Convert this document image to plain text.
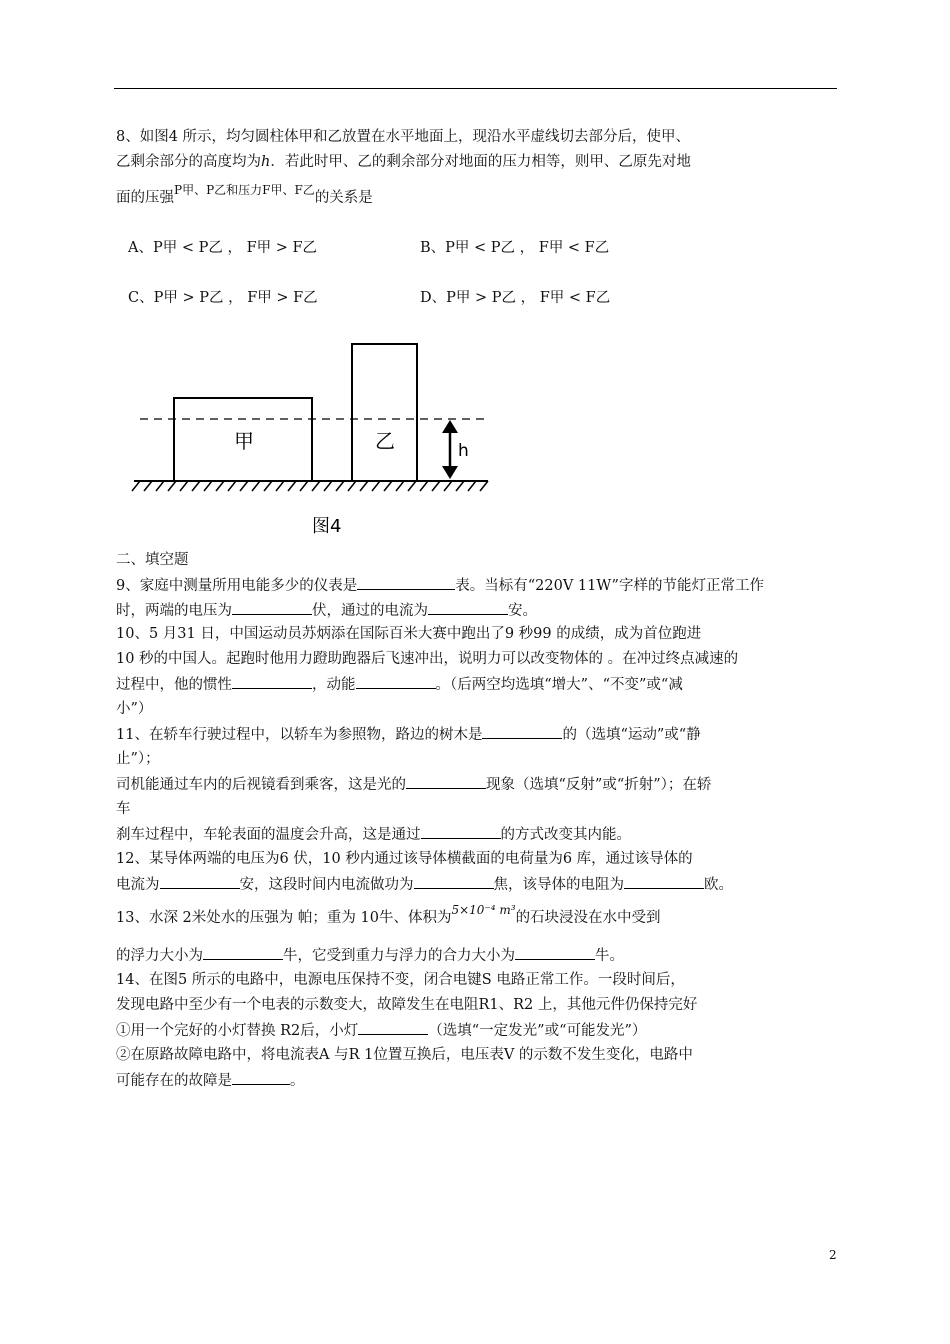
8、如图4 所示，均匀圆柱体甲和乙放置在水平地面上，现沿水平虚线切去部分后，使甲、
乙剩余部分的高度均为h．若此时甲、乙的剩余部分对地面的压力相等，则甲、乙原先对地
面的压强$^{P甲、P乙和压力F甲、F乙}$的关系是
A、P甲 < P乙 ， F甲 > F乙	B、P甲 < P乙 ， F甲 < F乙
C、P甲 > P乙 ， F甲 > F乙	D、P甲 > P乙 ， F甲 < F乙
甲	乙	h
图4
二、填空题
9、家庭中测量所用电能多少的仪表是	表。当标有“220V 11W”字样的节能灯正常工作
时，两端的电压为	伏，通过的电流为	安。
10、5 月31 日，中国运动员苏炳添在国际百米大赛中跑出了9 秒99 的成绩，成为首位跑进
10 秒的中国人。起跑时他用力蹬助跑器后飞速冲出，说明力可以改变物体的 。在冲过终点减速的
过程中，他的惯性	，动能	。（后两空均选填“增大”、“不变”或“减
小”）
11、在轿车行驶过程中，以轿车为参照物，路边的树木是	的（选填“运动”或“静
止”）；
司机能通过车内的后视镜看到乘客，这是光的	现象（选填“反射”或“折射”）；在轿
车
刹车过程中，车轮表面的温度会升高，这是通过	的方式改变其内能。
12、某导体两端的电压为6 伏，10 秒内通过该导体横截面的电荷量为6 库，通过该导体的
电流为	安，这段时间内电流做功为	焦，该导体的电阻为	欧。
13、水深 2米处水的压强为 帕；重为 10牛、体积为$^{5\times 10^{-4} m^3}$的石块浸没在水中受到
的浮力大小为	牛，它受到重力与浮力的合力大小为	牛。
14、在图5 所示的电路中，电源电压保持不变，闭合电键S 电路正常工作。一段时间后，
发现电路中至少有一个电表的示数变大，故障发生在电阻R1、R2 上，其他元件仍保持完好
①用一个完好的小灯替换 R2后，小灯	（选填“一定发光”或“可能发光”）
②在原路故障电路中，将电流表A 与R 1位置互换后，电压表V 的示数不发生变化，电路中
可能存在的故障是	。
2
